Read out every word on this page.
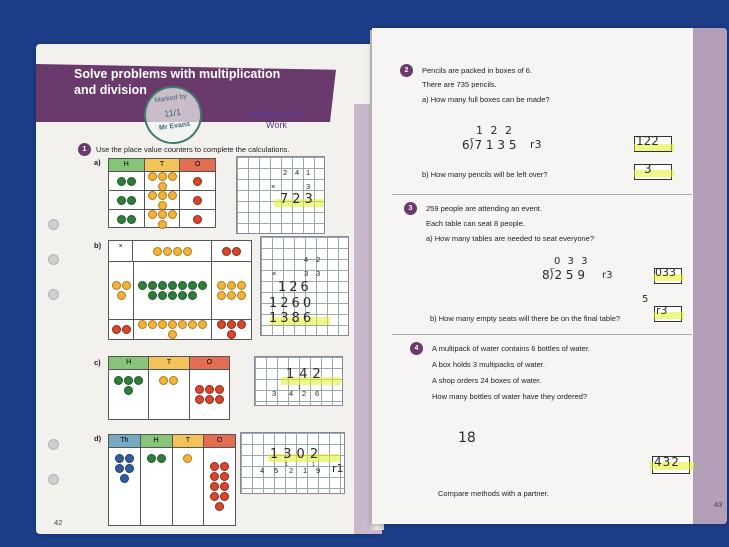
Solve problems with multiplication
and division
Marked by
11/1
Mr Evans
Independent
Work
1	Use the place value counters to complete the calculations.
a)	H	T	O
2 4 1
×	3
723
b)	×
4 2
×	3 3
126
1260
1386
c)	H	T	O
142
3 4
1
2 6
d)	Th	H	T	O
1302
4 5
1
2 1
1
9 r1
42
2	Pencils are packed in boxes of 6.
There are 735 pencils.
a) How many full boxes can be made?
1 2 2
6⟌7 1 3 5 r3	122
b) How many pencils will be left over?	3
3	259 people are attending an event.
Each table can seat 8 people.
a) How many tables are needed to seat everyone?
0 3 3
8⟌2 5 9 r3	033
b) How many empty seats will there be on the final table?
5
r3
4	A multipack of water contains 6 bottles of water.
A box holds 3 multipacks of water.
A shop orders 24 boxes of water.
How many bottles of water have they ordered?
18
432
Compare methods with a partner.
43
